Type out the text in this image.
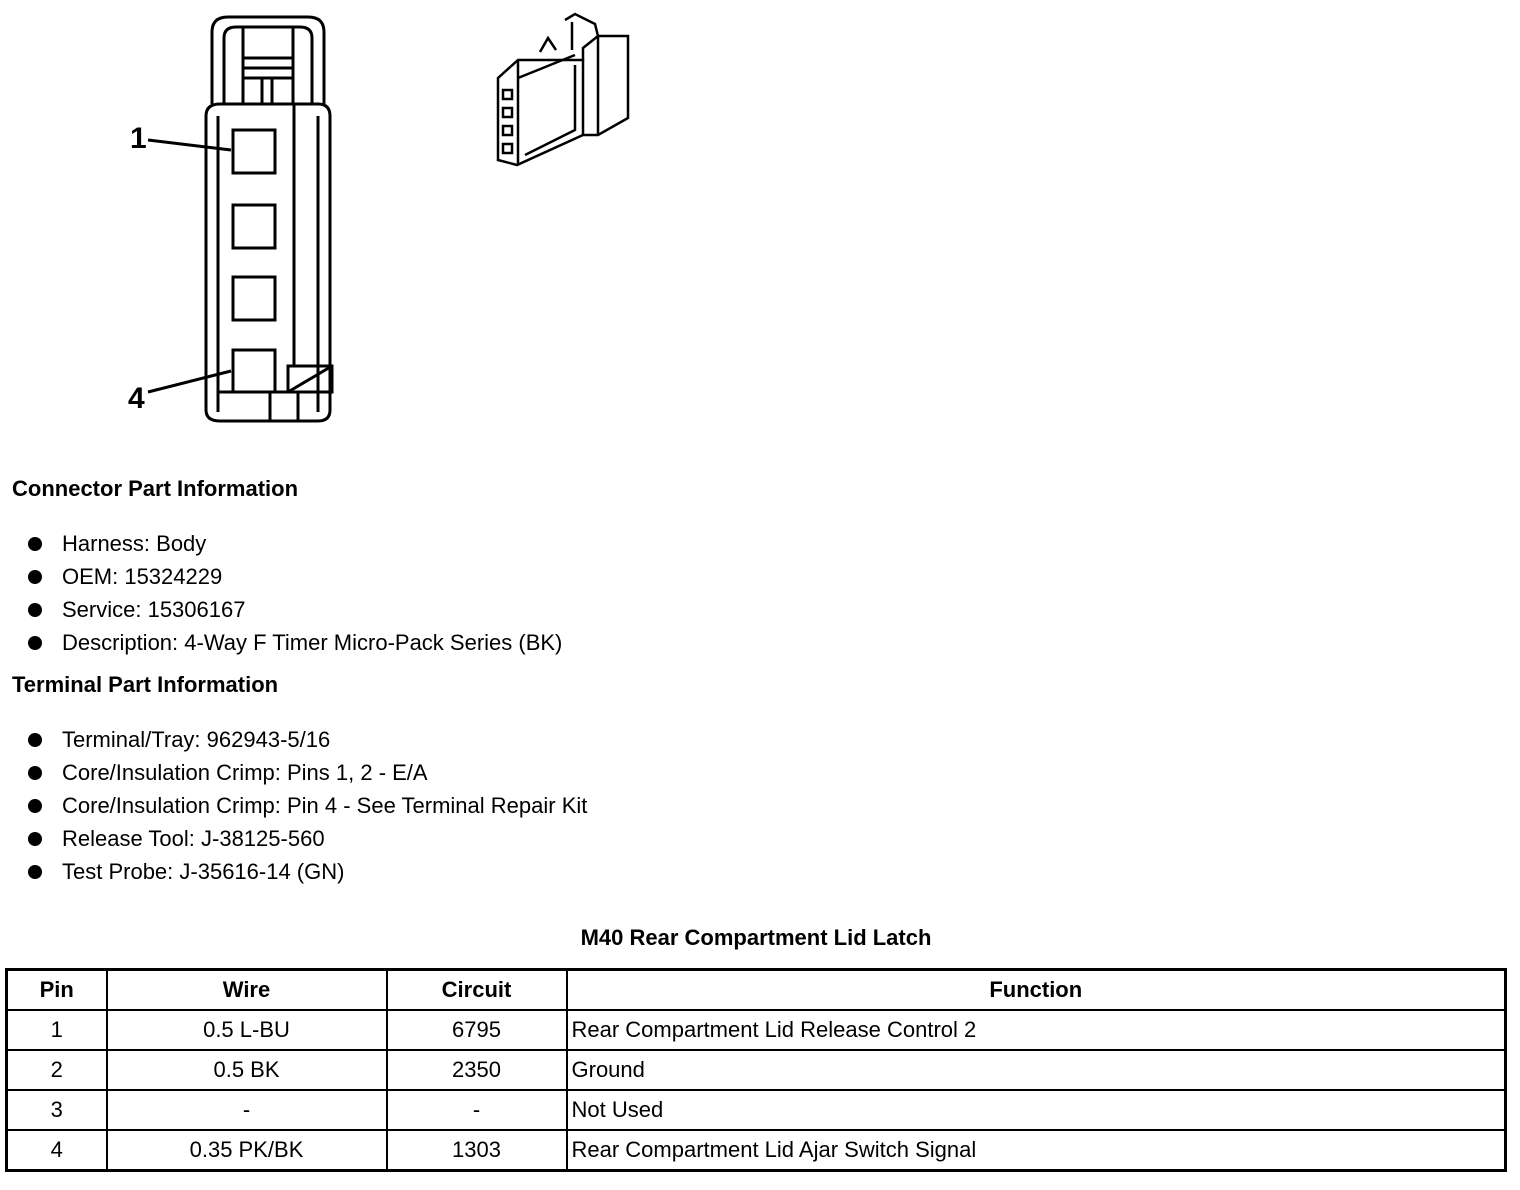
1
4
Connector Part Information
Harness: Body
OEM: 15324229
Service: 15306167
Description: 4-Way F Timer Micro-Pack Series (BK)
Terminal Part Information
Terminal/Tray: 962943-5/16
Core/Insulation Crimp: Pins 1, 2 - E/A
Core/Insulation Crimp: Pin 4 - See Terminal Repair Kit
Release Tool: J-38125-560
Test Probe: J-35616-14 (GN)
M40 Rear Compartment Lid Latch
Pin	Wire	Circuit	Function
1	0.5 L-BU	6795	Rear Compartment Lid Release Control 2
2	0.5 BK	2350	Ground
3	-	-	Not Used
4	0.35 PK/BK	1303	Rear Compartment Lid Ajar Switch Signal
